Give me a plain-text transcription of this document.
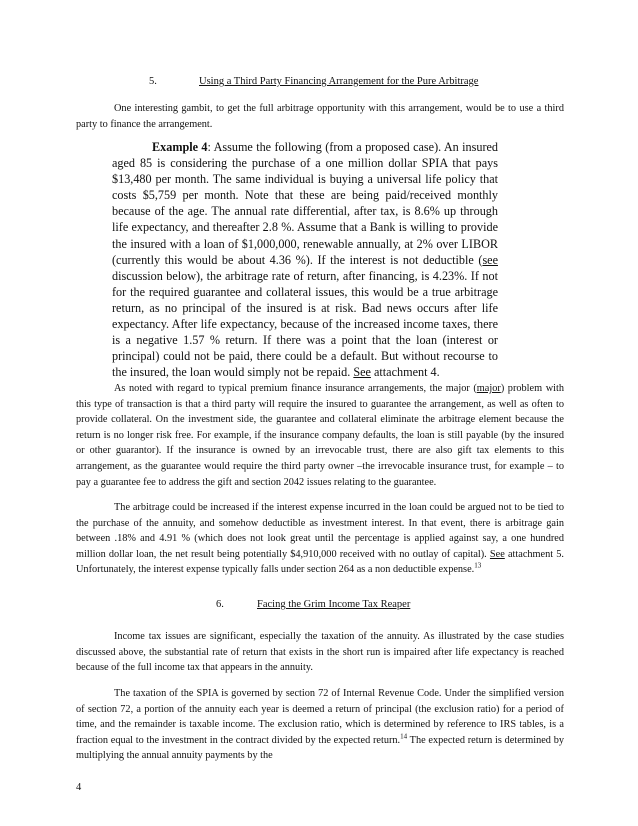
5.	Using a Third Party Financing Arrangement for the Pure Arbitrage

One interesting gambit, to get the full arbitrage opportunity with this arrangement, would be to use a third party to finance the arrangement.

Example 4: Assume the following (from a proposed case). An insured aged 85 is considering the purchase of a one million dollar SPIA that pays $13,480 per month. The same individual is buying a universal life policy that costs $5,759 per month. Note that these are being paid/received monthly because of the age. The annual rate differential, after tax, is 8.6% up through life expectancy, and thereafter 2.8 %. Assume that a Bank is willing to provide the insured with a loan of $1,000,000, renewable annually, at 2% over LIBOR (currently this would be about 4.36 %). If the interest is not deductible (see discussion below), the arbitrage rate of return, after financing, is 4.23%. If not for the required guarantee and collateral issues, this would be a true arbitrage return, as no principal of the insured is at risk. Bad news occurs after life expectancy. After life expectancy, because of the increased income taxes, there is a negative 1.57 % return. If there was a point that the loan (interest or principal) could not be paid, there could be a default. But without recourse to the insured, the loan would simply not be repaid. See attachment 4.

As noted with regard to typical premium finance insurance arrangements, the major (major) problem with this type of transaction is that a third party will require the insured to guarantee the arrangement, as well as often to provide collateral. On the investment side, the guarantee and collateral eliminate the arbitrage element because the return is no longer risk free. For example, if the insurance company defaults, the loan is still payable (by the insured or other guarantor). If the insurance is owned by an irrevocable trust, there are also gift tax elements to this arrangement, as the guarantee would require the third party owner –the irrevocable insurance trust, for example – to pay a guarantee fee to address the gift and section 2042 issues relating to the guarantee.

The arbitrage could be increased if the interest expense incurred in the loan could be argued not to be tied to the purchase of the annuity, and somehow deductible as investment interest. In that event, there is arbitrage gain between .18% and 4.91 % (which does not look great until the percentage is applied against say, a one hundred million dollar loan, the net result being potentially $4,910,000 received with no outlay of capital). See attachment 5. Unfortunately, the interest expense typically falls under section 264 as a non deductible expense.$^{13}$

6.	Facing the Grim Income Tax Reaper

Income tax issues are significant, especially the taxation of the annuity. As illustrated by the case studies discussed above, the substantial rate of return that exists in the short run is impaired after life expectancy is reached because of the full income tax that appears in the annuity.

The taxation of the SPIA is governed by section 72 of Internal Revenue Code. Under the simplified version of section 72, a portion of the annuity each year is deemed a return of principal (the exclusion ratio) for a period of time, and the remainder is taxable income. The exclusion ratio, which is determined by reference to IRS tables, is a fraction equal to the investment in the contract divided by the expected return.$^{14}$ The expected return is determined by multiplying the annual annuity payments by the

4
